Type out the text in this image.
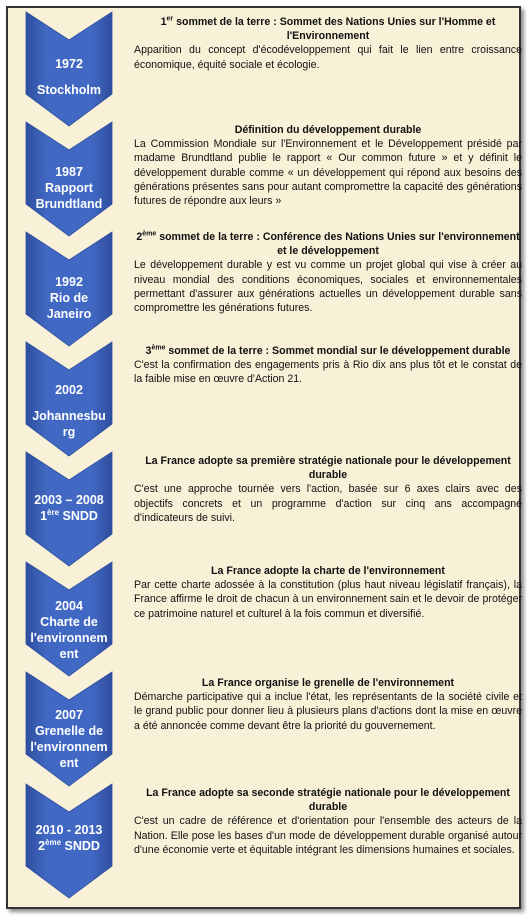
1972
Stockholm
1er sommet de la terre : Sommet des Nations Unies sur l'Homme et l'Environnement
Apparition du concept d'écodéveloppement qui fait le lien entre croissance économique, équité sociale et écologie.
1987
Rapport
Brundtland
Définition du développement durable
La Commission Mondiale sur l'Environnement et le Développement présidé par madame Brundtland publie le rapport « Our common future » et y définit le développement durable comme « un développement qui répond aux besoins des générations présentes sans pour autant compromettre la capacité des générations futures de répondre aux leurs »
1992
Rio de
Janeiro
2ème sommet de la terre : Conférence des Nations Unies sur l'environnement et le développement
Le développement durable y est vu comme un projet global qui vise à créer au niveau mondial des conditions économiques, sociales et environnementales permettant d'assurer aux générations actuelles un développement durable sans compromettre les générations futures.
2002
Johannesburg
3ème sommet de la terre : Sommet mondial sur le développement durable
C'est la confirmation des engagements pris à Rio dix ans plus tôt et le constat de la faible mise en œuvre d'Action 21.
2003 – 2008
1ère SNDD
La France adopte sa première stratégie nationale pour le développement durable
C'est une approche tournée vers l'action, basée sur 6 axes clairs avec des objectifs concrets et un programme d'action sur cinq ans accompagné d'indicateurs de suivi.
2004
Charte de
l'environnem
ent
La France adopte la charte de l'environnement
Par cette charte adossée à la constitution (plus haut niveau législatif français), la France affirme le droit de chacun à un environnement sain et le devoir de protéger ce patrimoine naturel et culturel à la fois commun et diversifié.
2007
Grenelle de
l'environnem
ent
La France organise le grenelle de l'environnement
Démarche participative qui a inclue l'état, les représentants de la société civile et le grand public pour donner lieu à plusieurs plans d'actions dont la mise en œuvre a été annoncée comme devant être la priorité du gouvernement.
2010 - 2013
2ème SNDD
La France adopte sa seconde stratégie nationale pour le développement durable
C'est un cadre de référence et d'orientation pour l'ensemble des acteurs de la Nation. Elle pose les bases d'un mode de développement durable organisé autour d'une économie verte et équitable intégrant les dimensions humaines et sociales.
